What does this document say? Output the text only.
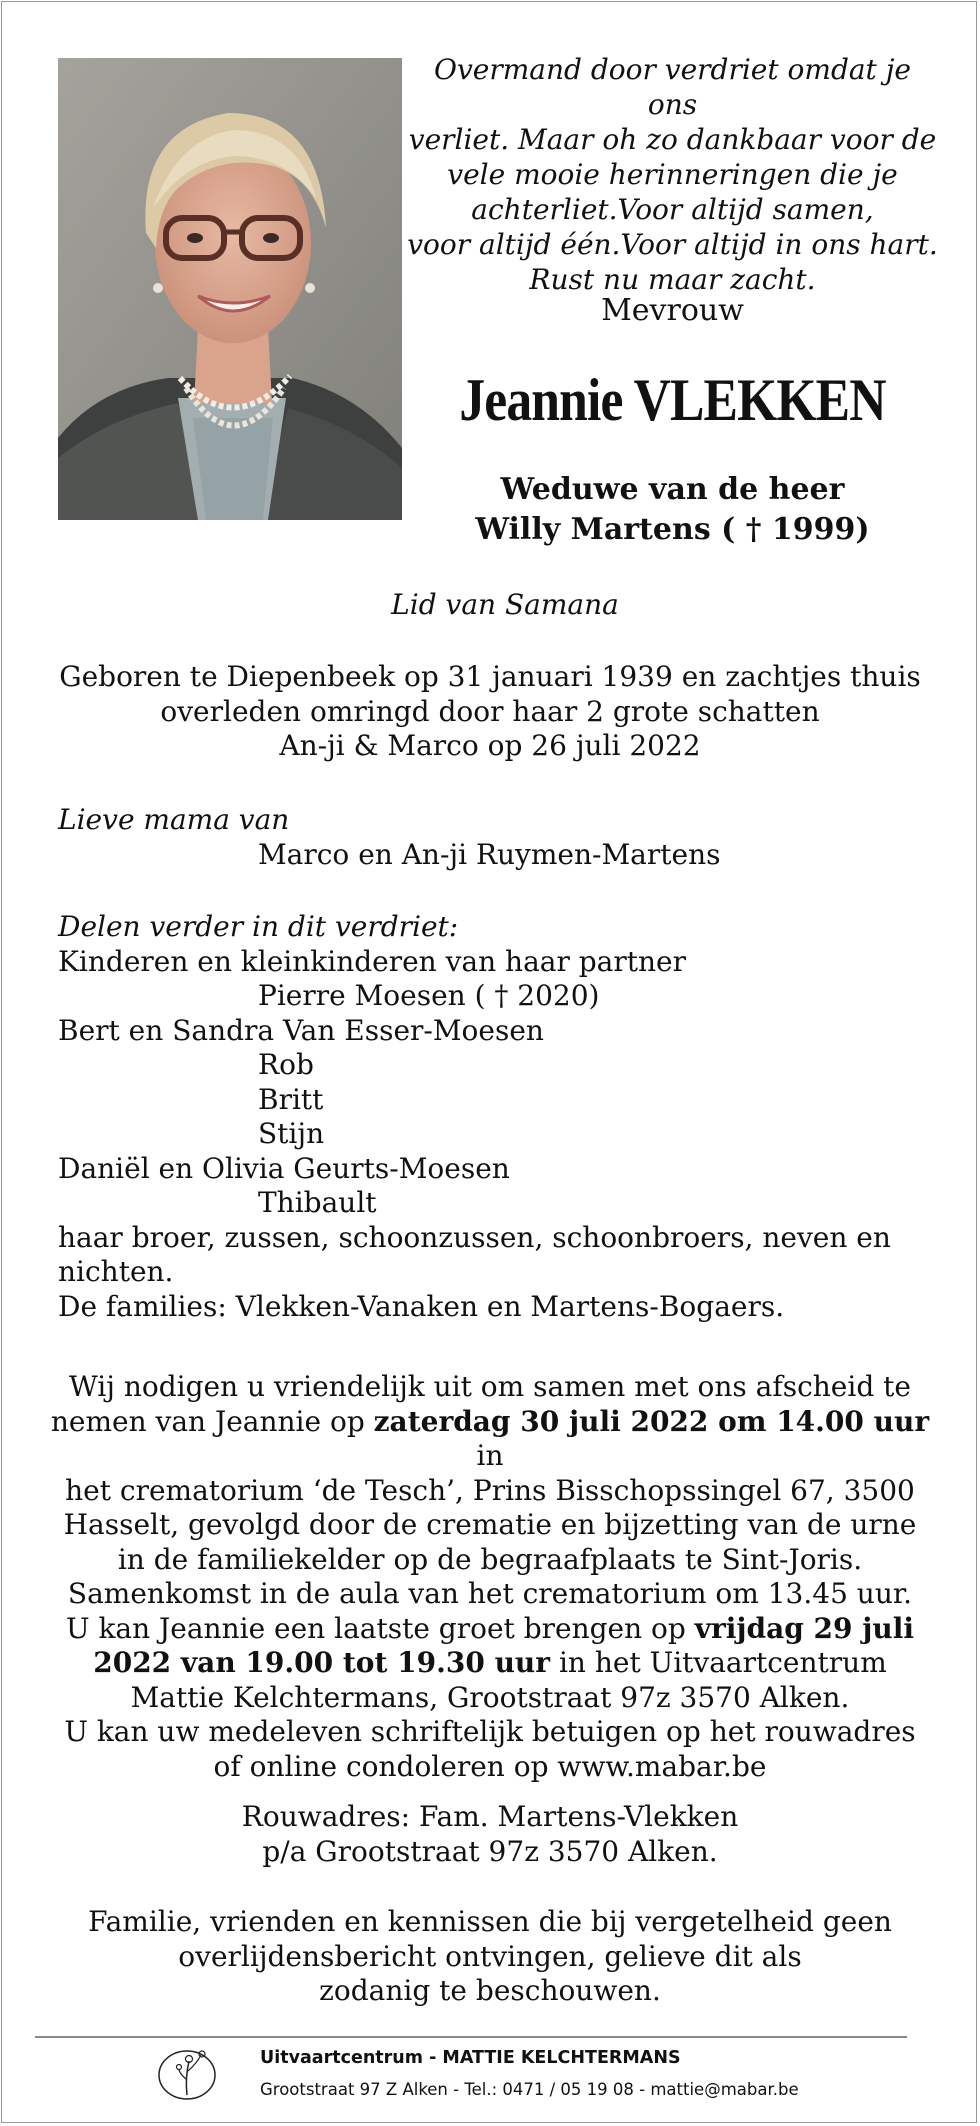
Overmand door verdriet omdat je ons
verliet. Maar oh zo dankbaar voor de
vele mooie herinneringen die je
achterliet.Voor altijd samen,
voor altijd één.Voor altijd in ons hart.
Rust nu maar zacht.
Mevrouw
Jeannie VLEKKEN
Weduwe van de heer
Willy Martens ( † 1999)
Lid van Samana
Geboren te Diepenbeek op 31 januari 1939 en zachtjes thuis
overleden omringd door haar 2 grote schatten
An-ji & Marco op 26 juli 2022
Lieve mama van
Marco en An-ji Ruymen-Martens
Delen verder in dit verdriet:
Kinderen en kleinkinderen van haar partner
Pierre Moesen ( † 2020)
Bert en Sandra Van Esser-Moesen
Rob
Britt
Stijn
Daniël en Olivia Geurts-Moesen
Thibault
haar broer, zussen, schoonzussen, schoonbroers, neven en
nichten.
De families: Vlekken-Vanaken en Martens-Bogaers.
Wij nodigen u vriendelijk uit om samen met ons afscheid te
nemen van Jeannie op zaterdag 30 juli 2022 om 14.00 uur in
het crematorium ‘de Tesch’, Prins Bisschopssingel 67, 3500
Hasselt, gevolgd door de crematie en bijzetting van de urne
in de familiekelder op de begraafplaats te Sint-Joris.
Samenkomst in de aula van het crematorium om 13.45 uur.
U kan Jeannie een laatste groet brengen op vrijdag 29 juli
2022 van 19.00 tot 19.30 uur in het Uitvaartcentrum
Mattie Kelchtermans, Grootstraat 97z 3570 Alken.
U kan uw medeleven schriftelijk betuigen op het rouwadres
of online condoleren op www.mabar.be
Rouwadres: Fam. Martens-Vlekken
p/a Grootstraat 97z 3570 Alken.
Familie, vrienden en kennissen die bij vergetelheid geen
overlijdensbericht ontvingen, gelieve dit als
zodanig te beschouwen.
Uitvaartcentrum - MATTIE KELCHTERMANS
Grootstraat 97 Z Alken - Tel.: 0471 / 05 19 08 - mattie@mabar.be
